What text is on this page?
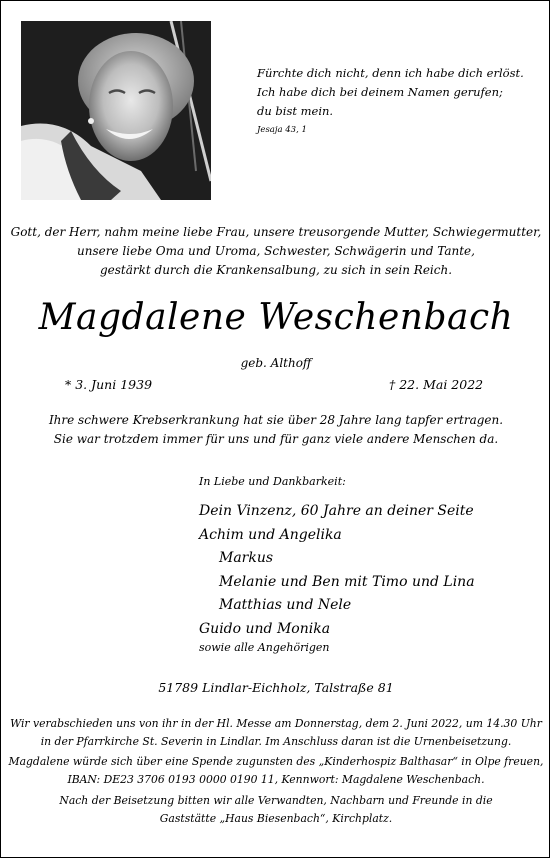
Fürchte dich nicht, denn ich habe dich erlöst.
Ich habe dich bei deinem Namen gerufen;
du bist mein.
Jesaja 43, 1
Gott, der Herr, nahm meine liebe Frau, unsere treusorgende Mutter, Schwiegermutter,
unsere liebe Oma und Uroma, Schwester, Schwägerin und Tante,
gestärkt durch die Krankensalbung, zu sich in sein Reich.
Magdalene Weschenbach
geb. Althoff
* 3. Juni 1939	† 22. Mai 2022
Ihre schwere Krebserkrankung hat sie über 28 Jahre lang tapfer ertragen.
Sie war trotzdem immer für uns und für ganz viele andere Menschen da.
In Liebe und Dankbarkeit:
Dein Vinzenz, 60 Jahre an deiner Seite
Achim und Angelika
Markus
Melanie und Ben mit Timo und Lina
Matthias und Nele
Guido und Monika
sowie alle Angehörigen
51789 Lindlar-Eichholz, Talstraße 81
Wir verabschieden uns von ihr in der Hl. Messe am Donnerstag, dem 2. Juni 2022, um 14.30 Uhr
in der Pfarrkirche St. Severin in Lindlar. Im Anschluss daran ist die Urnenbeisetzung.
Magdalene würde sich über eine Spende zugunsten des „Kinderhospiz Balthasar“ in Olpe freuen,
IBAN: DE23 3706 0193 0000 0190 11, Kennwort: Magdalene Weschenbach.
Nach der Beisetzung bitten wir alle Verwandten, Nachbarn und Freunde in die
Gaststätte „Haus Biesenbach“, Kirchplatz.
